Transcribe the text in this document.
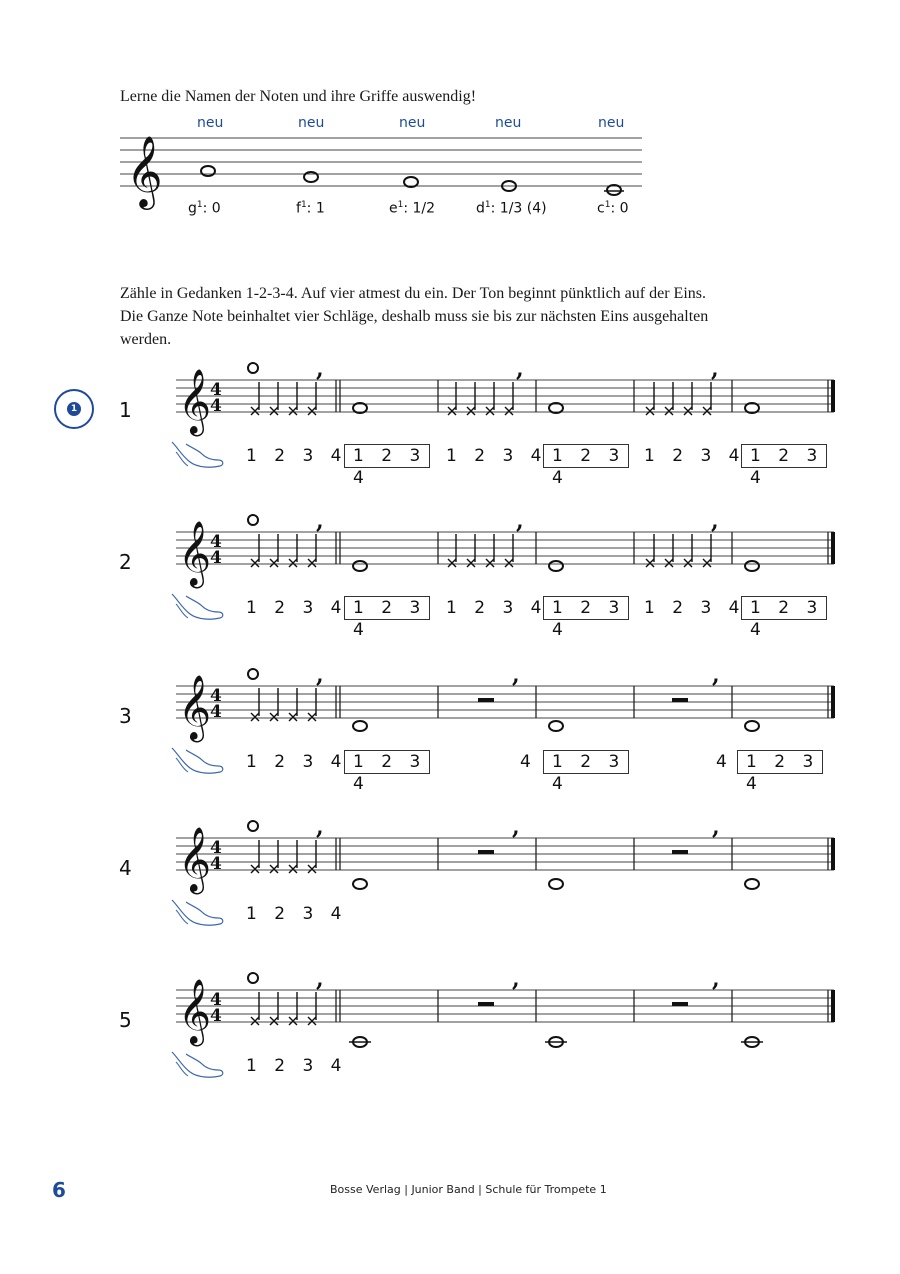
Lerne die Namen der Noten und ihre Griffe auswendig!
𝄞
neu	neu	neu	neu	neu
$g^1$: 0	$f^1$: 1	$e^1$: 1/2	$d^1$: 1/3 (4)	$c^1$: 0
Zähle in Gedanken 1-2-3-4. Auf vier atmest du ein. Der Ton beginnt pünktlich auf der Eins.
Die Ganze Note beinhaltet vier Schläge, deshalb muss sie bis zur nächsten Eins ausgehalten
werden.
1 𝄞
4
4
,	,	,
1
1 2 3 4 1 2 3 4
1 2 3 4 1 2 3 4
1 2 3 4 1 2 3 4
𝄞
4
4
,	,	,
2
1 2 3 4 1 2 3 4
1 2 3 4 1 2 3 4
1 2 3 4 1 2 3 4
𝄞
4
4
,	,	,
3
1 2 3 4 1 2 3 4
4	1 2 3 4
4	1 2 3 4
𝄞
4
4
,	,	,
4
1 2 3 4
𝄞
4
4
,	,	,
5
1 2 3 4
6	Bosse Verlag | Junior Band | Schule für Trompete 1
